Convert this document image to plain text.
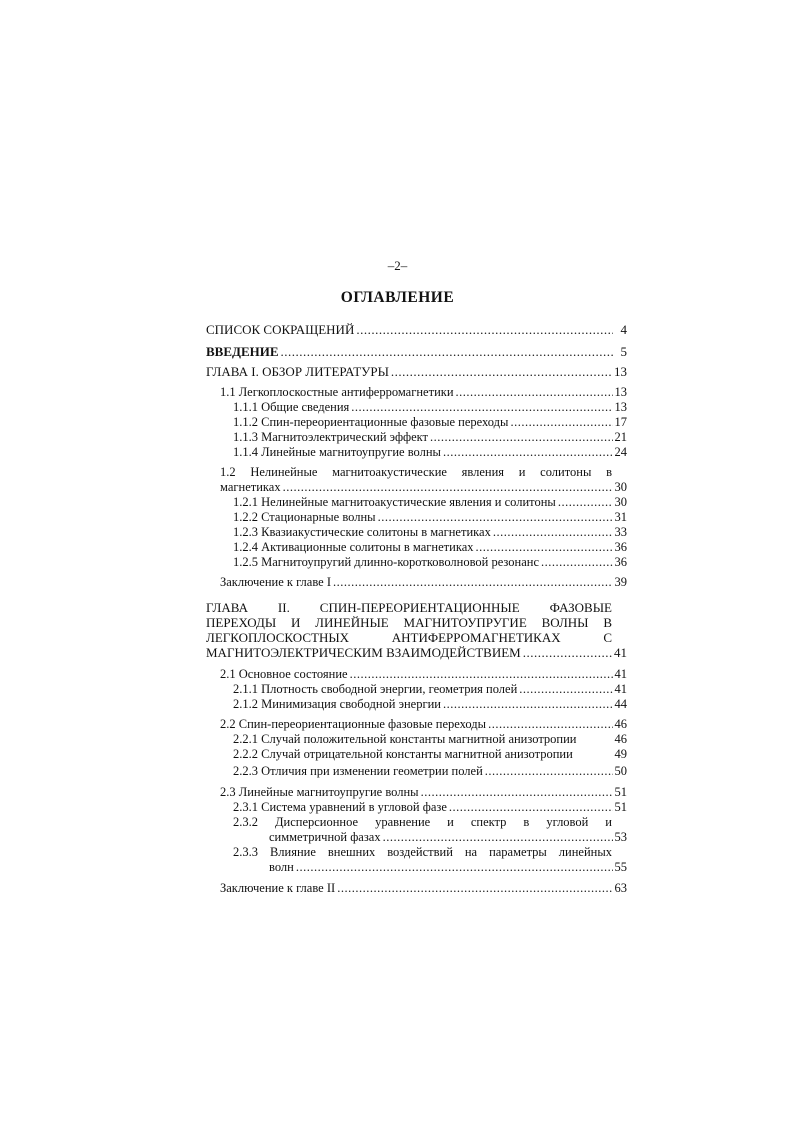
–2–
ОГЛАВЛЕНИЕ
СПИСОК СОКРАЩЕНИЙ .....	4
ВВЕДЕНИЕ .....	5
ГЛАВА I. ОБЗОР ЛИТЕРАТУРЫ .....	13
1.1 Легкоплоскостные антиферромагнетики .....	13
1.1.1 Общие сведения .....	13
1.1.2 Спин-переориентационные фазовые переходы .....	17
1.1.3 Магнитоэлектрический эффект .....	21
1.1.4 Линейные магнитоупругие волны .....	24
1.2 Нелинейные магнитоакустические явления и солитоны в
магнетиках .....	30
1.2.1 Нелинейные магнитоакустические явления и солитоны .....	30
1.2.2 Стационарные волны .....	31
1.2.3 Квазиакустические солитоны в магнетиках .....	33
1.2.4 Активационные солитоны в магнетиках .....	36
1.2.5 Магнитоупругий длинно-коротковолновой резонанс .....	36
Заключение к главе I .....	39
ГЛАВА II. СПИН-ПЕРЕОРИЕНТАЦИОННЫЕ ФАЗОВЫЕ
ПЕРЕХОДЫ И ЛИНЕЙНЫЕ МАГНИТОУПРУГИЕ ВОЛНЫ В
ЛЕГКОПЛОСКОСТНЫХ АНТИФЕРРОМАГНЕТИКАХ С
МАГНИТОЭЛЕКТРИЧЕСКИМ ВЗАИМОДЕЙСТВИЕМ .....	41
2.1 Основное состояние .....	41
2.1.1 Плотность свободной энергии, геометрия полей .....	41
2.1.2 Минимизация свободной энергии .....	44
2.2 Спин-переориентационные фазовые переходы .....	46
2.2.1 Случай положительной константы магнитной анизотропии	46
2.2.2 Случай отрицательной константы магнитной анизотропии	49
2.2.3 Отличия при изменении геометрии полей .....	50
2.3 Линейные магнитоупругие волны .....	51
2.3.1 Система уравнений в угловой фазе .....	51
2.3.2 Дисперсионное уравнение и спектр в угловой и
симметричной фазах .....	53
2.3.3 Влияние внешних воздействий на параметры линейных
волн .....	55
Заключение к главе II .....	63
